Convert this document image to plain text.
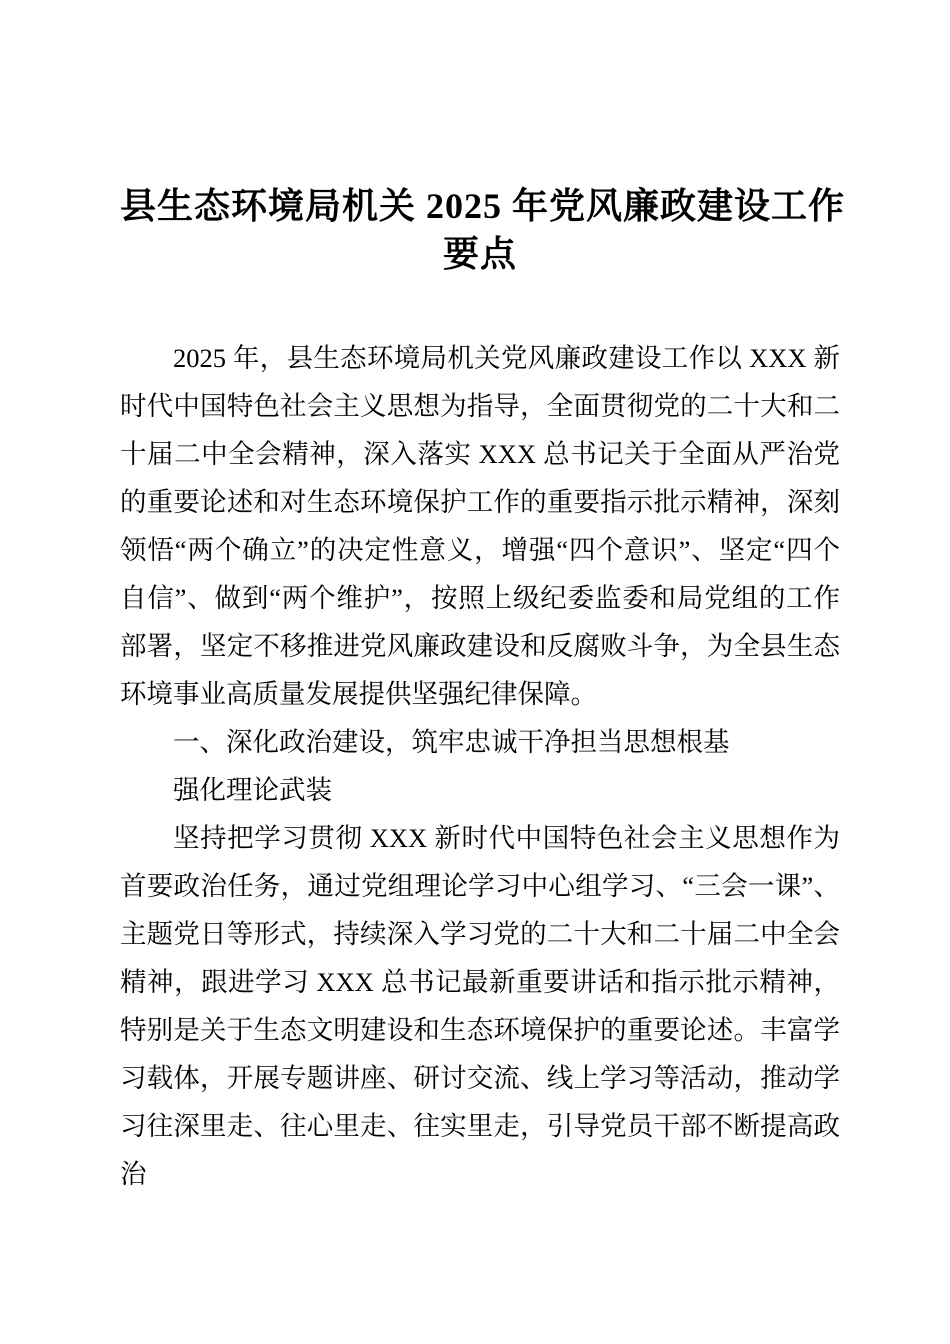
县生态环境局机关 2025 年党风廉政建设工作
要点

2025 年，县生态环境局机关党风廉政建设工作以 XXX 新时代中国特色社会主义思想为指导，全面贯彻党的二十大和二十届二中全会精神，深入落实 XXX 总书记关于全面从严治党的重要论述和对生态环境保护工作的重要指示批示精神，深刻领悟“两个确立”的决定性意义，增强“四个意识”、坚定“四个自信”、做到“两个维护”，按照上级纪委监委和局党组的工作部署，坚定不移推进党风廉政建设和反腐败斗争，为全县生态环境事业高质量发展提供坚强纪律保障。

一、深化政治建设，筑牢忠诚干净担当思想根基

强化理论武装

坚持把学习贯彻 XXX 新时代中国特色社会主义思想作为首要政治任务，通过党组理论学习中心组学习、“三会一课”、主题党日等形式，持续深入学习党的二十大和二十届二中全会精神，跟进学习 XXX 总书记最新重要讲话和指示批示精神，特别是关于生态文明建设和生态环境保护的重要论述。丰富学习载体，开展专题讲座、研讨交流、线上学习等活动，推动学习往深里走、往心里走、往实里走，引导党员干部不断提高政治
